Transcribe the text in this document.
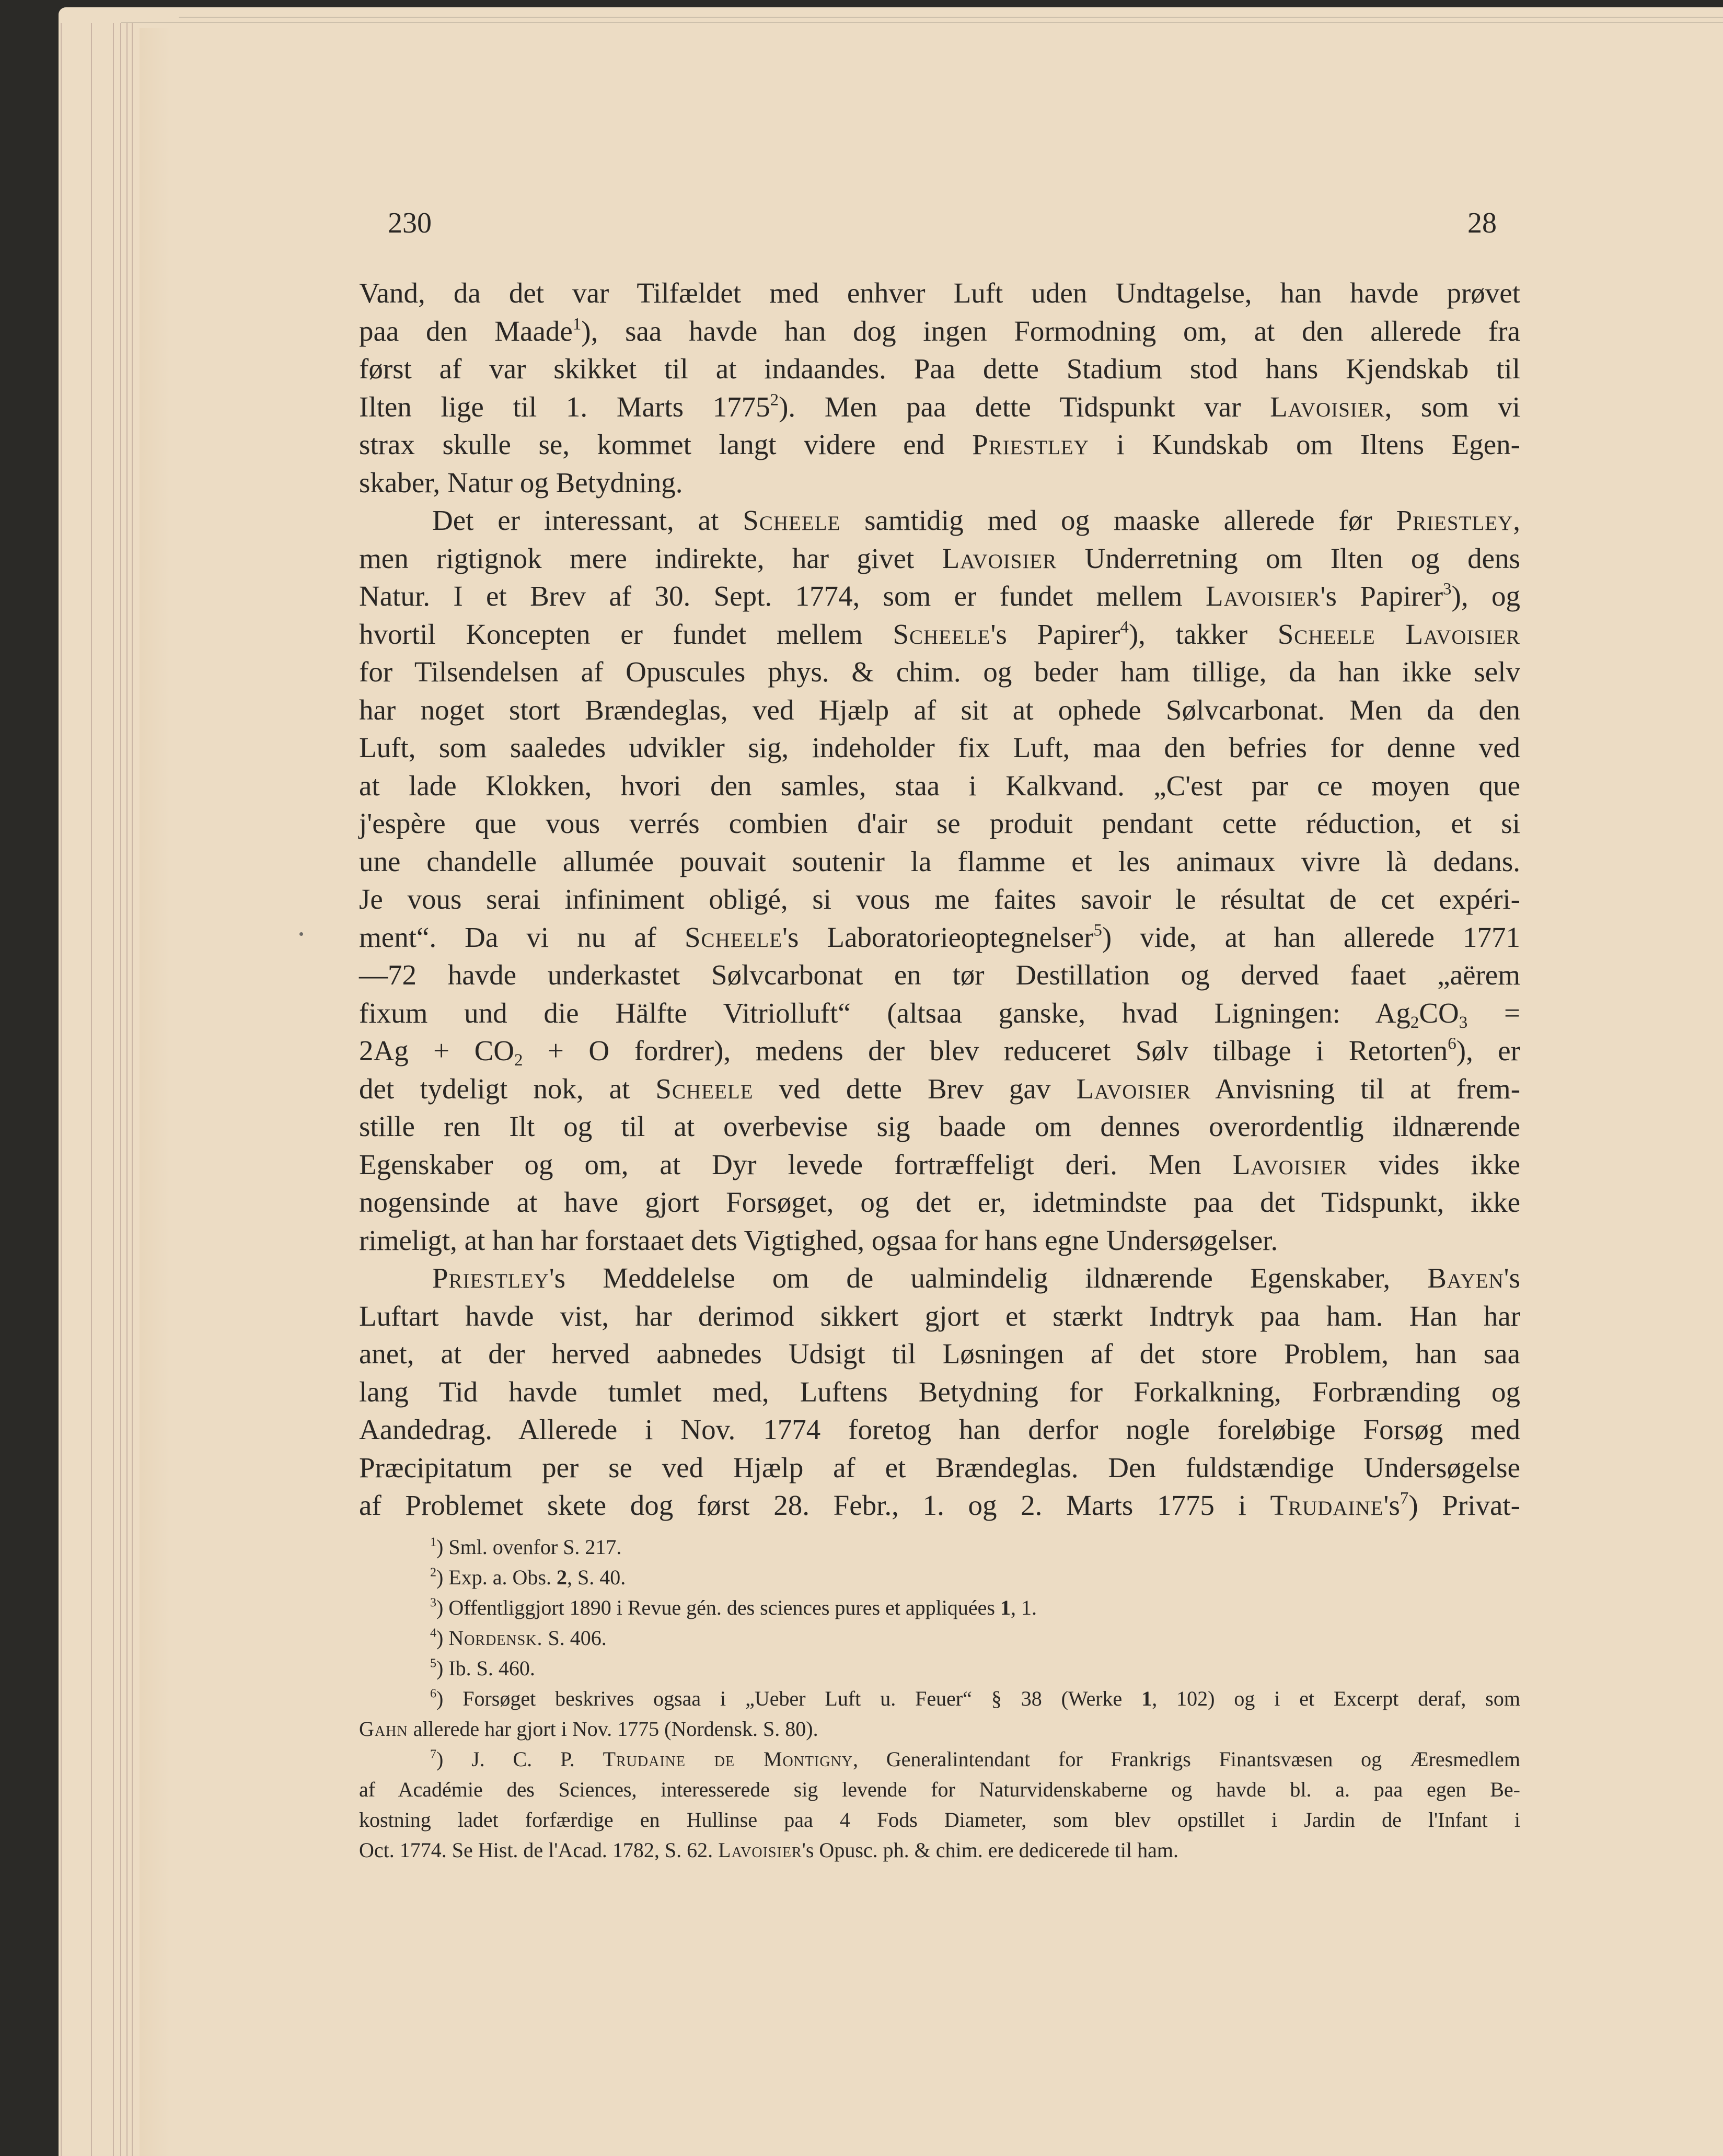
230	28
Vand, da det var Tilfældet med enhver Luft uden Undtagelse, han havde prøvet
paa den Maade$^1$), saa havde han dog ingen Formodning om, at den allerede fra
først af var skikket til at indaandes. Paa dette Stadium stod hans Kjendskab til
Ilten lige til 1. Marts 1775$^2$). Men paa dette Tidspunkt var Lavoisier, som vi
strax skulle se, kommet langt videre end Priestley i Kundskab om Iltens Egen-
skaber, Natur og Betydning.
Det er interessant, at Scheele samtidig med og maaske allerede før Priestley,
men rigtignok mere indirekte, har givet Lavoisier Underretning om Ilten og dens
Natur. I et Brev af 30. Sept. 1774, som er fundet mellem Lavoisier's Papirer$^3$), og
hvortil Koncepten er fundet mellem Scheele's Papirer$^4$), takker Scheele Lavoisier
for Tilsendelsen af Opuscules phys. & chim. og beder ham tillige, da han ikke selv
har noget stort Brændeglas, ved Hjælp af sit at ophede Sølvcarbonat. Men da den
Luft, som saaledes udvikler sig, indeholder fix Luft, maa den befries for denne ved
at lade Klokken, hvori den samles, staa i Kalkvand. „C'est par ce moyen que
j'espère que vous verrés combien d'air se produit pendant cette réduction, et si
une chandelle allumée pouvait soutenir la flamme et les animaux vivre là dedans.
Je vous serai infiniment obligé, si vous me faites savoir le résultat de cet expéri-
ment“. Da vi nu af Scheele's Laboratorieoptegnelser$^5$) vide, at han allerede 1771
—72 havde underkastet Sølvcarbonat en tør Destillation og derved faaet „aërem
fixum und die Hälfte Vitriolluft“ (altsaa ganske, hvad Ligningen: $Ag_2CO_3$ =
$2Ag + CO_2 + O$ fordrer), medens der blev reduceret Sølv tilbage i Retorten$^6$), er
det tydeligt nok, at Scheele ved dette Brev gav Lavoisier Anvisning til at frem-
stille ren Ilt og til at overbevise sig baade om dennes overordentlig ildnærende
Egenskaber og om, at Dyr levede fortræffeligt deri. Men Lavoisier vides ikke
nogensinde at have gjort Forsøget, og det er, idetmindste paa det Tidspunkt, ikke
rimeligt, at han har forstaaet dets Vigtighed, ogsaa for hans egne Undersøgelser.
Priestley's Meddelelse om de ualmindelig ildnærende Egenskaber, Bayen's
Luftart havde vist, har derimod sikkert gjort et stærkt Indtryk paa ham. Han har
anet, at der herved aabnedes Udsigt til Løsningen af det store Problem, han saa
lang Tid havde tumlet med, Luftens Betydning for Forkalkning, Forbrænding og
Aandedrag. Allerede i Nov. 1774 foretog han derfor nogle foreløbige Forsøg med
Præcipitatum per se ved Hjælp af et Brændeglas. Den fuldstændige Undersøgelse
af Problemet skete dog først 28. Febr., 1. og 2. Marts 1775 i $Trudaine's^7$) Privat-
$^1$) Sml. ovenfor S. 217.
$^2$) Exp. a. Obs. 2, S. 40.
$^3$) Offentliggjort 1890 i Revue gén. des sciences pures et appliquées 1, 1.
$^4$) Nordensk. S. 406.
$^5$) Ib. S. 460.
$^6$) Forsøget beskrives ogsaa i „Ueber Luft u. Feuer“ § 38 (Werke 1, 102) og i et Excerpt deraf, som
Gahn allerede har gjort i Nov. 1775 (Nordensk. S. 80).
$^7$) J. C. P. Trudaine de Montigny, Generalintendant for Frankrigs Finantsvæsen og Æresmedlem
af Académie des Sciences, interesserede sig levende for Naturvidenskaberne og havde bl. a. paa egen Be-
kostning ladet forfærdige en Hullinse paa 4 Fods Diameter, som blev opstillet i Jardin de l'Infant i
Oct. 1774. Se Hist. de l'Acad. 1782, S. 62. Lavoisier's Opusc. ph. & chim. ere dedicerede til ham.
